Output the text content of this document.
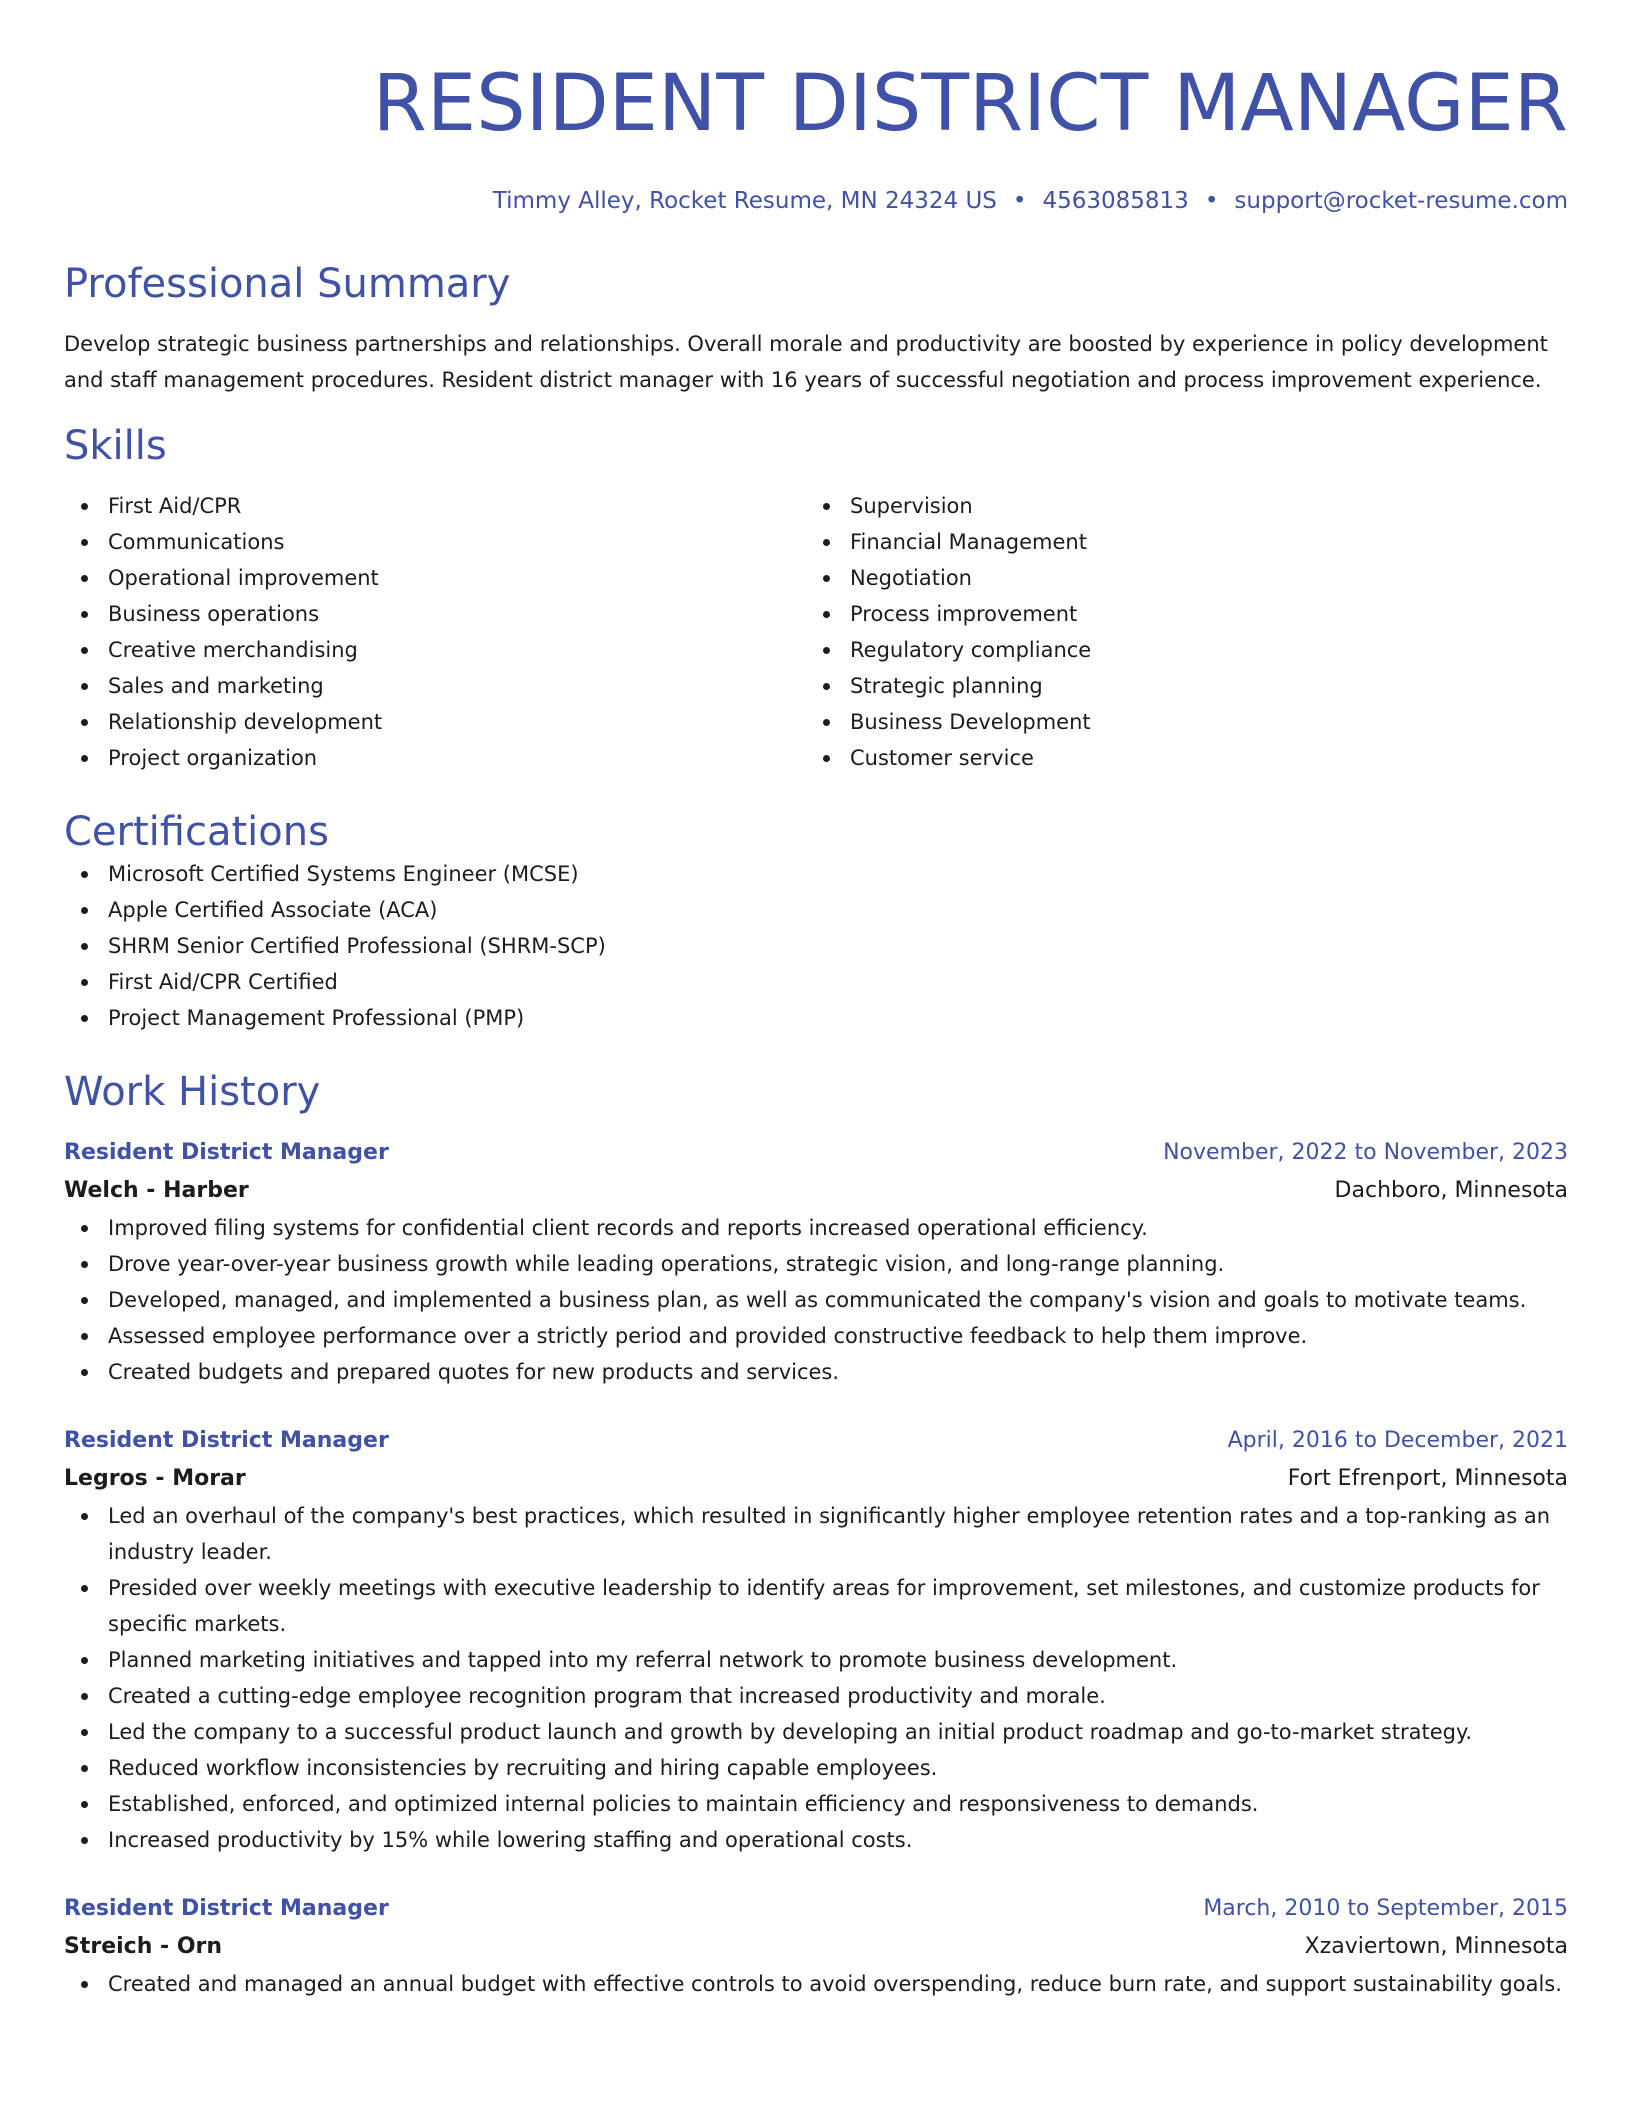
RESIDENT DISTRICT MANAGER
Timmy Alley, Rocket Resume, MN 24324 US • 4563085813 • support@rocket-resume.com
Professional Summary

Develop strategic business partnerships and relationships. Overall morale and productivity are boosted by experience in policy development and staff management procedures. Resident district manager with 16 years of successful negotiation and process improvement experience.

Skills
First Aid/CPR
Communications
Operational improvement
Business operations
Creative merchandising
Sales and marketing
Relationship development
Project organization
Supervision
Financial Management
Negotiation
Process improvement
Regulatory compliance
Strategic planning
Business Development
Customer service
Certifications
Microsoft Certified Systems Engineer (MCSE)
Apple Certified Associate (ACA)
SHRM Senior Certified Professional (SHRM-SCP)
First Aid/CPR Certified
Project Management Professional (PMP)
Work History
Resident District Manager	November, 2022 to November, 2023
Welch - Harber	Dachboro, Minnesota
Improved filing systems for confidential client records and reports increased operational efficiency.
Drove year-over-year business growth while leading operations, strategic vision, and long-range planning.
Developed, managed, and implemented a business plan, as well as communicated the company's vision and goals to motivate teams.
Assessed employee performance over a strictly period and provided constructive feedback to help them improve.
Created budgets and prepared quotes for new products and services.
Resident District Manager	April, 2016 to December, 2021
Legros - Morar	Fort Efrenport, Minnesota
Led an overhaul of the company's best practices, which resulted in significantly higher employee retention rates and a top-ranking as an industry leader.
Presided over weekly meetings with executive leadership to identify areas for improvement, set milestones, and customize products for specific markets.
Planned marketing initiatives and tapped into my referral network to promote business development.
Created a cutting-edge employee recognition program that increased productivity and morale.
Led the company to a successful product launch and growth by developing an initial product roadmap and go-to-market strategy.
Reduced workflow inconsistencies by recruiting and hiring capable employees.
Established, enforced, and optimized internal policies to maintain efficiency and responsiveness to demands.
Increased productivity by 15% while lowering staffing and operational costs.
Resident District Manager	March, 2010 to September, 2015
Streich - Orn	Xzaviertown, Minnesota
Created and managed an annual budget with effective controls to avoid overspending, reduce burn rate, and support sustainability goals.
